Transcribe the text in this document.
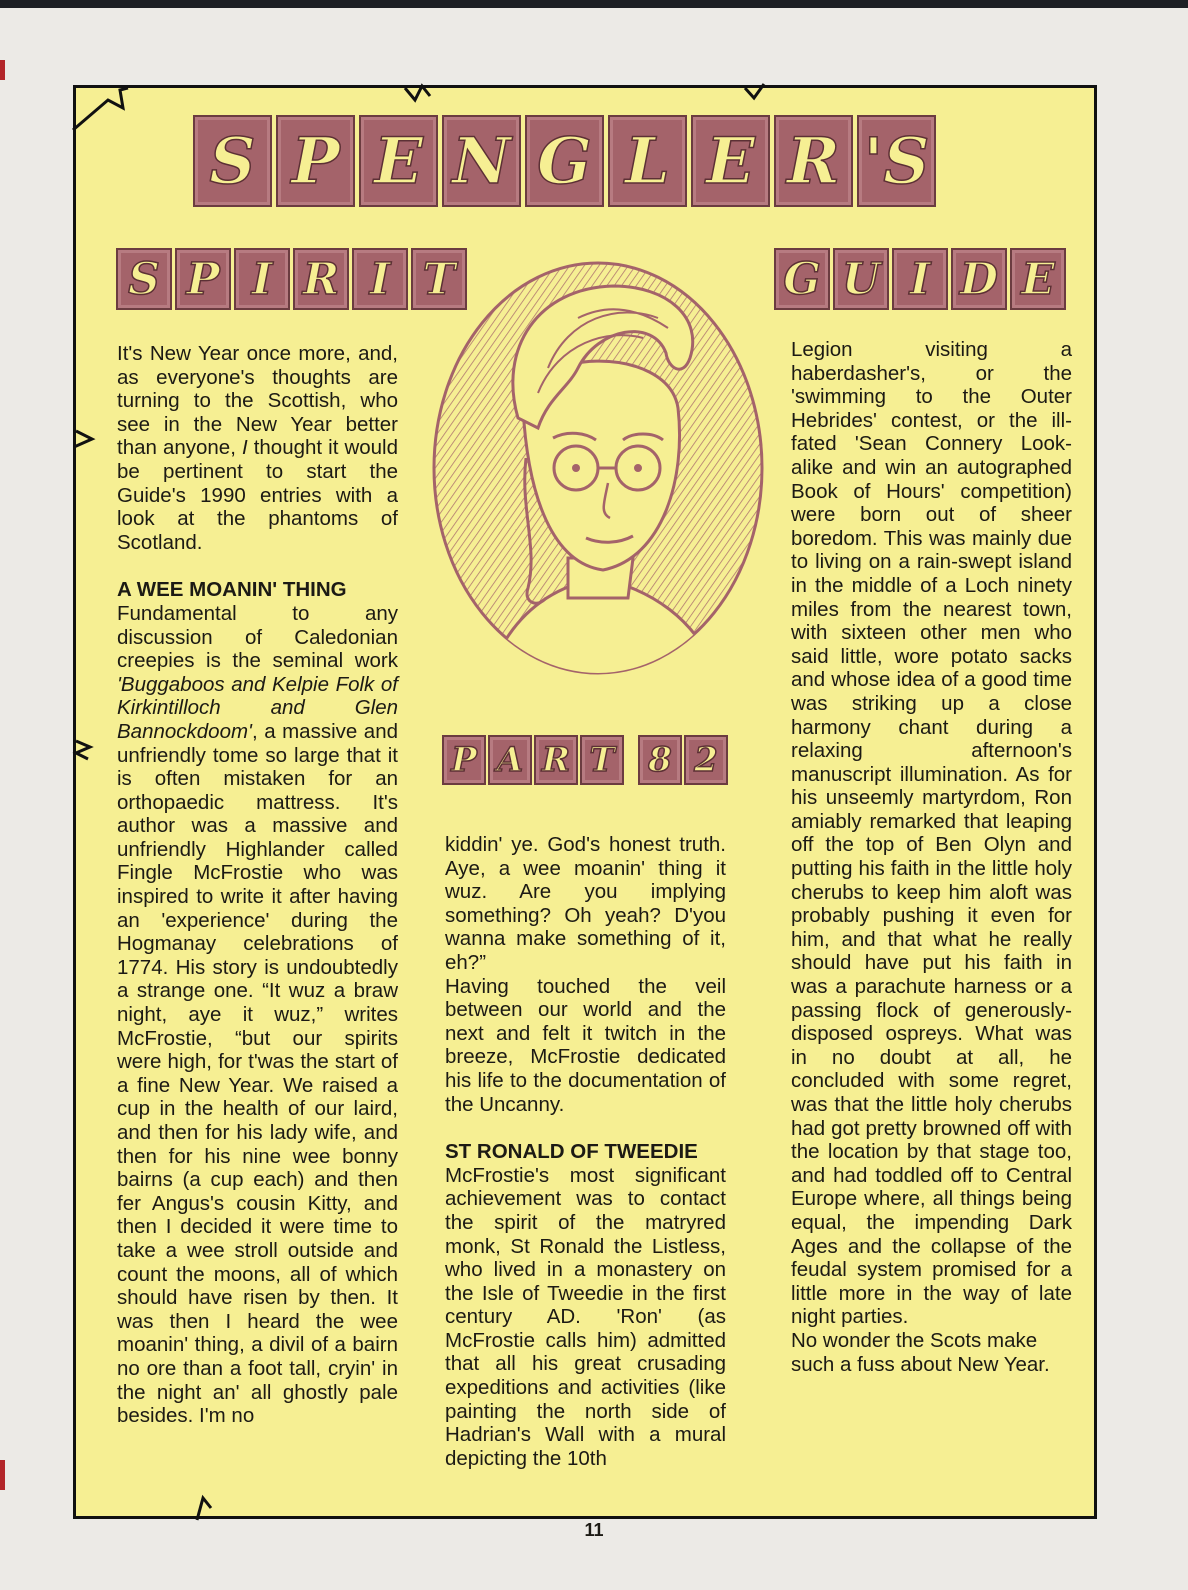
S P E N G L E R 'S
S P I R I T	G U I D E
P A R T 8 2

It's New Year once more, and, as everyone's thoughts are turning to the Scottish, who see in the New Year better than anyone, I thought it would be pertinent to start the Guide's 1990 entries with a look at the phantoms of Scotland.

A WEE MOANIN' THING

Fundamental to any discussion of Caledonian creepies is the seminal work 'Buggaboos and Kelpie Folk of Kirkintilloch and Glen Bannockdoom', a massive and unfriendly tome so large that it is often mistaken for an orthopaedic mattress. It's author was a massive and unfriendly Highlander called Fingle McFrostie who was inspired to write it after having an 'experience' during the Hogmanay celebrations of 1774. His story is undoubtedly a strange one. “It wuz a braw night, aye it wuz,” writes McFrostie, “but our spirits were high, for t'was the start of a fine New Year. We raised a cup in the health of our laird, and then for his lady wife, and then for his nine wee bonny bairns (a cup each) and then fer Angus's cousin Kitty, and then I decided it were time to take a wee stroll outside and count the moons, all of which should have risen by then. It was then I heard the wee moanin' thing, a divil of a bairn no ore than a foot tall, cryin' in the night an' all ghostly pale besides. I'm no

kiddin' ye. God's honest truth. Aye, a wee moanin' thing it wuz. Are you implying something? Oh yeah? D'you wanna make something of it, eh?”

Having touched the veil between our world and the next and felt it twitch in the breeze, McFrostie dedicated his life to the documentation of the Uncanny.

ST RONALD OF TWEEDIE

McFrostie's most significant achievement was to contact the spirit of the matryred monk, St Ronald the Listless, who lived in a monastery on the Isle of Tweedie in the first century AD. 'Ron' (as McFrostie calls him) admitted that all his great crusading expeditions and activities (like painting the north side of Hadrian's Wall with a mural depicting the 10th

Legion visiting a haberdasher's, or the 'swimming to the Outer Hebrides' contest, or the ill-fated 'Sean Connery Look-alike and win an autographed Book of Hours' competition) were born out of sheer boredom. This was mainly due to living on a rain-swept island in the middle of a Loch ninety miles from the nearest town, with sixteen other men who said little, wore potato sacks and whose idea of a good time was striking up a close harmony chant during a relaxing afternoon's manuscript illumination. As for his unseemly martyrdom, Ron amiably remarked that leaping off the top of Ben Olyn and putting his faith in the little holy cherubs to keep him aloft was probably pushing it even for him, and that what he really should have put his faith in was a parachute harness or a passing flock of generously-disposed ospreys. What was in no doubt at all, he concluded with some regret, was that the little holy cherubs had got pretty browned off with the location by that stage too, and had toddled off to Central Europe where, all things being equal, the impending Dark Ages and the collapse of the feudal system promised for a little more in the way of late night parties.

No wonder the Scots make such a fuss about New Year.

11
